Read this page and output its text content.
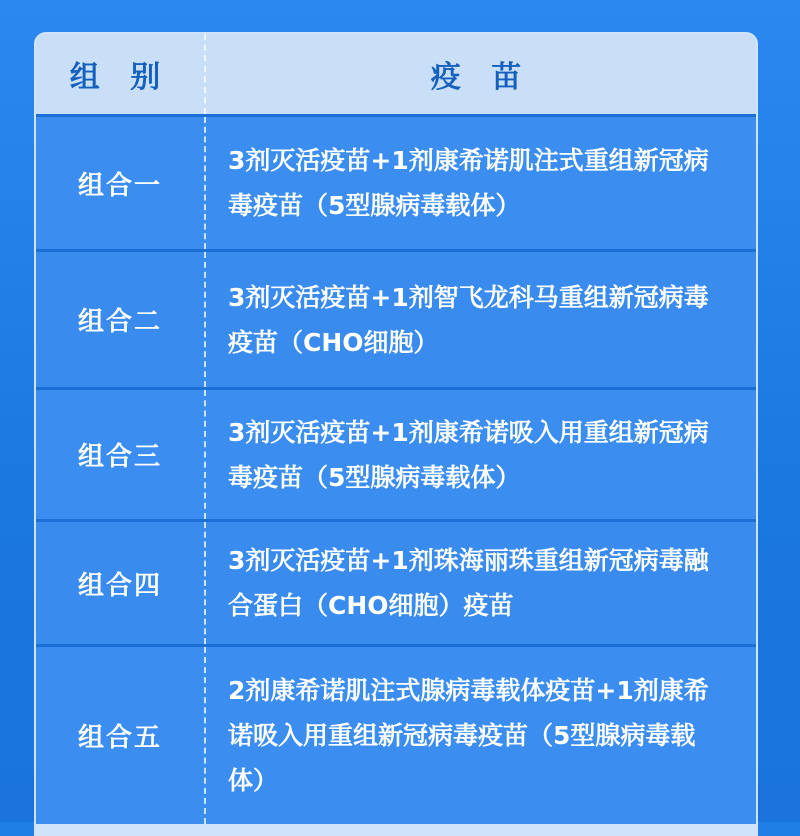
组 别	疫 苗
组合一
3剂灭活疫苗+1剂康希诺肌注式重组新冠病毒疫苗（5型腺病毒载体）
组合二
3剂灭活疫苗+1剂智飞龙科马重组新冠病毒疫苗（CHO细胞）
组合三
3剂灭活疫苗+1剂康希诺吸入用重组新冠病毒疫苗（5型腺病毒载体）
组合四
3剂灭活疫苗+1剂珠海丽珠重组新冠病毒融合蛋白（CHO细胞）疫苗
组合五
2剂康希诺肌注式腺病毒载体疫苗+1剂康希诺吸入用重组新冠病毒疫苗（5型腺病毒载体）
